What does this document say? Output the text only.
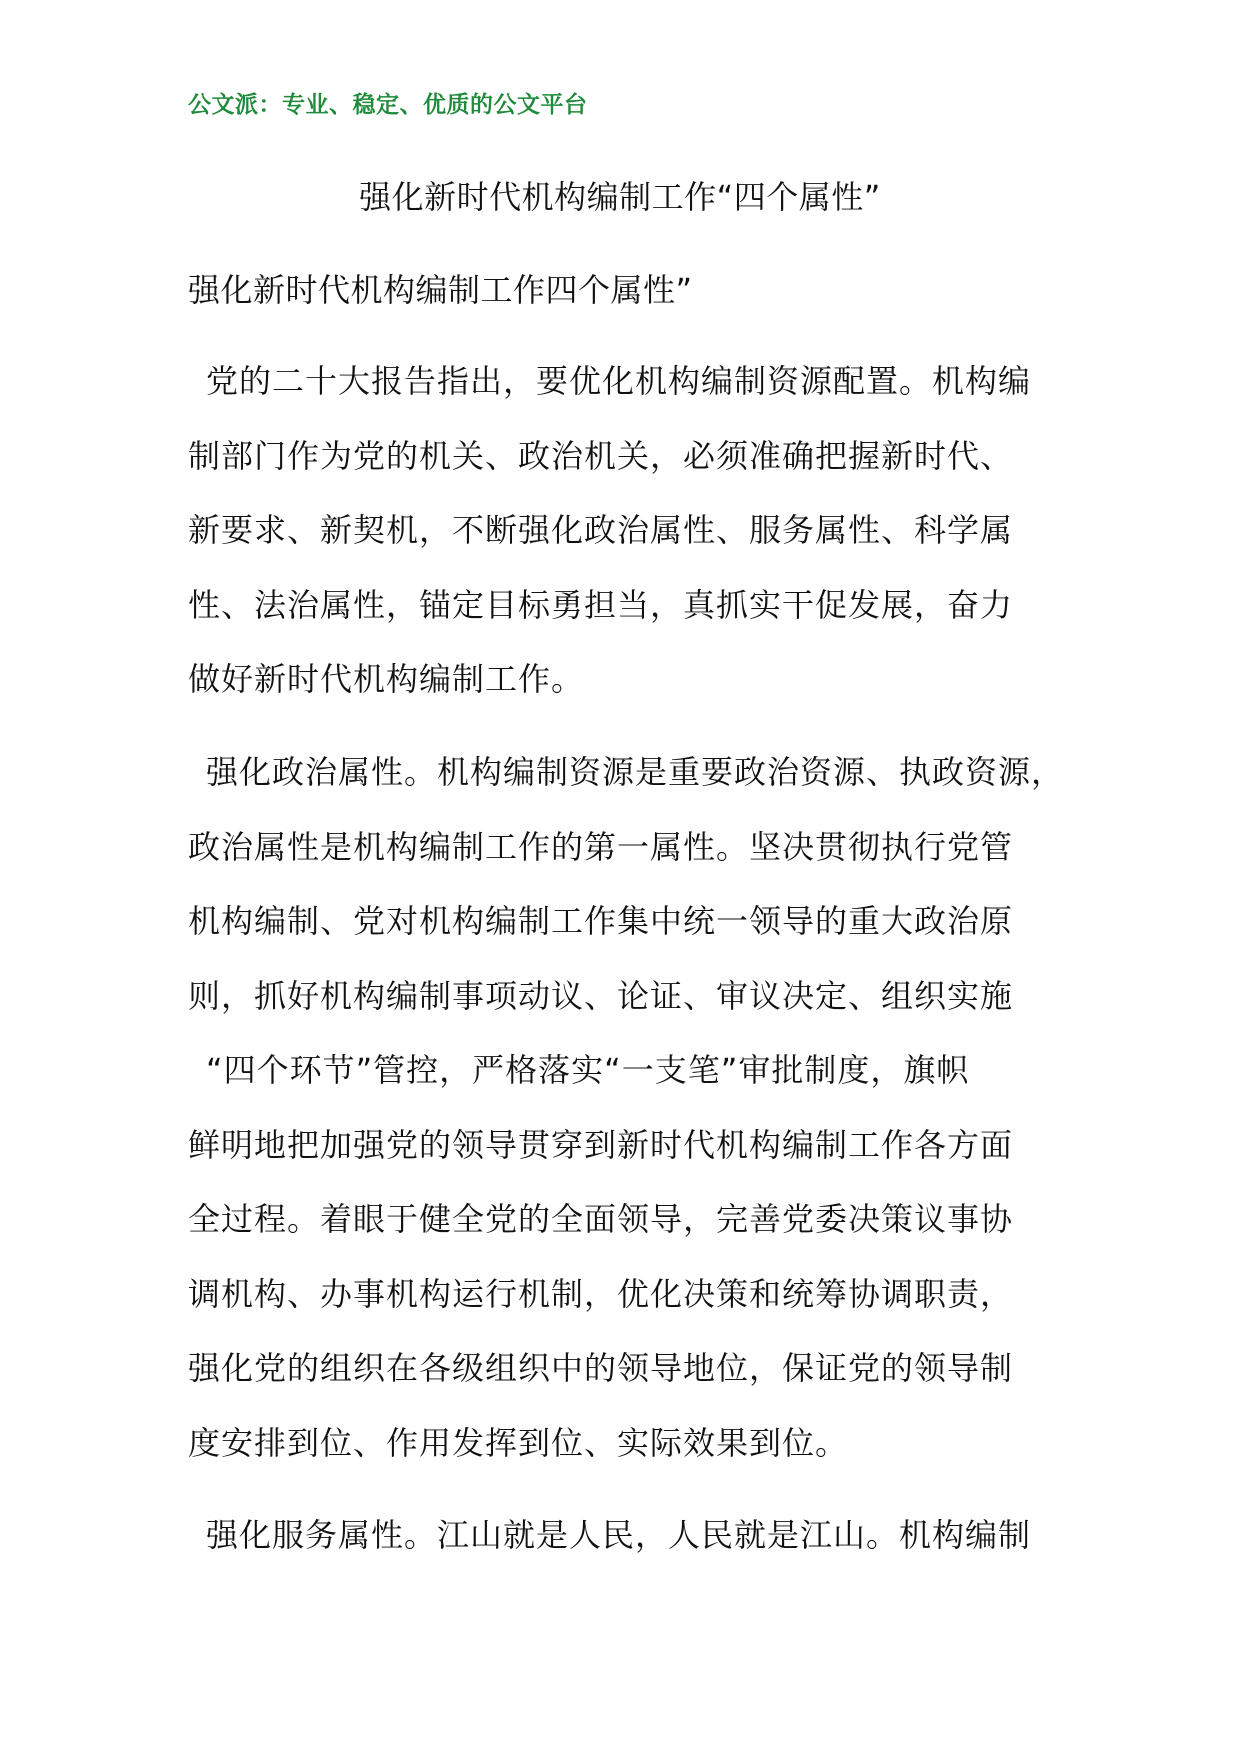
公文派：专业、稳定、优质的公文平台
强化新时代机构编制工作“四个属性”
强化新时代机构编制工作四个属性”
党的二十大报告指出，要优化机构编制资源配置。机构编
制部门作为党的机关、政治机关，必须准确把握新时代、
新要求、新契机，不断强化政治属性、服务属性、科学属
性、法治属性，锚定目标勇担当，真抓实干促发展，奋力
做好新时代机构编制工作。
强化政治属性。机构编制资源是重要政治资源、执政资源，
政治属性是机构编制工作的第一属性。坚决贯彻执行党管
机构编制、党对机构编制工作集中统一领导的重大政治原
则，抓好机构编制事项动议、论证、审议决定、组织实施
“四个环节”管控，严格落实“一支笔”审批制度，旗帜
鲜明地把加强党的领导贯穿到新时代机构编制工作各方面
全过程。着眼于健全党的全面领导，完善党委决策议事协
调机构、办事机构运行机制，优化决策和统筹协调职责，
强化党的组织在各级组织中的领导地位，保证党的领导制
度安排到位、作用发挥到位、实际效果到位。
强化服务属性。江山就是人民，人民就是江山。机构编制
